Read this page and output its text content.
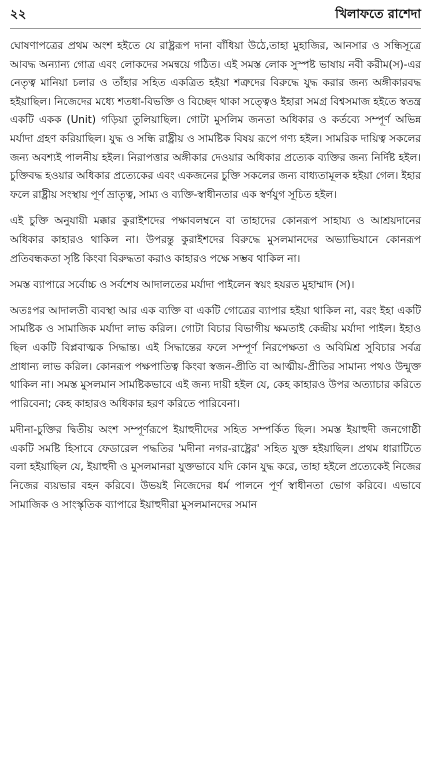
২২	খিলাফতে রাশেদা

ঘোষণাপত্রের প্রথম অংশ হইতে যে রাষ্ট্ররূপ দানা বাঁধিয়া উঠে,তাহা মুহাজির, আনসার ও সন্ধিসূত্রে আবদ্ধ অন্যান্য গোত্র এবং লোকদের সমন্বয়ে গঠিত। এই সমস্ত লোক সুস্পষ্ট ভাষায় নবী করীম(স)-এর নেতৃত্ব মানিয়া চলার ও তাঁহার সহিত একত্রিত হইয়া শত্রুদের বিরুদ্ধে যুদ্ধ করার জন্য অঙ্গীকারবদ্ধ হইয়াছিল। নিজেদের মধ্যে শতধা-বিভক্তি ও বিচ্ছেদ থাকা সত্ত্বেও ইহারা সমগ্র বিশ্বসমাজ হইতে স্বতন্ত্র একটি একক (Unit) গড়িয়া তুলিয়াছিল। গোটা মুসলিম জনতা অধিকার ও কর্তব্যে সম্পূর্ণ অভিন্ন মর্যাদা গ্রহণ করিয়াছিল। যুদ্ধ ও সন্ধি রাষ্ট্রীয় ও সামষ্টিক বিষয় রূপে গণ্য হইল। সামরিক দায়িত্ব সকলের জন্য অবশ্যই পালনীয় হইল। নিরাপত্তার অঙ্গীকার দেওয়ার অধিকার প্রত্যেক ব্যক্তির জন্য নির্দিষ্ট হইল। চুক্তিবদ্ধ হওয়ার অধিকার প্রত্যেকের এবং একজনের চুক্তি সকলের জন্য বাধ্যতামূলক হইয়া গেল। ইহার ফলে রাষ্ট্রীয় সংস্থায় পূর্ণ ভ্রাতৃত্ব, সাম্য ও ব্যক্তি-স্বাধীনতার এক স্বর্ণযুগ সূচিত হইল।

এই চুক্তি অনুযায়ী মক্কার কুরাইশদের পক্ষাবলম্বনে বা তাহাদের কোনরূপ সাহায্য ও আশ্রয়দানের অধিকার কাহারও থাকিল না। উপরন্তু কুরাইশদের বিরুদ্ধে মুসলমানদের অভ্যাভিযানে কোনরূপ প্রতিবন্ধকতা সৃষ্টি কিংবা বিরুদ্ধতা করাও কাহারও পক্ষে সম্ভব থাকিল না।

সমস্ত ব্যাপারে সর্বোচ্চ ও সর্বশেষ আদালতের মর্যাদা পাইলেন স্বয়ং হযরত মুহাম্মাদ (স)।

অতঃপর আদালতী ব্যবস্থা আর এক ব্যক্তি বা একটি গোত্রের ব্যাপার হইয়া থাকিল না, বরং ইহা একটি সামষ্টিক ও সামাজিক মর্যাদা লাভ করিল। গোটা বিচার বিভাগীয় ক্ষমতাই কেন্দ্রীয় মর্যাদা পাইল। ইহাও ছিল একটি বিপ্লবাত্মক সিদ্ধান্ত। এই সিদ্ধান্তের ফলে সম্পূর্ণ নিরপেক্ষতা ও অবিমিশ্র সুবিচার সর্বত্র প্রাধান্য লাভ করিল। কোনরূপ পক্ষপাতিত্ব কিংবা স্বজন-প্রীতি বা আত্মীয়-প্রীতির সামান্য পথও উন্মুক্ত থাকিল না। সমস্ত মুসলমান সামষ্টিকভাবে এই জন্য দায়ী হইল যে, কেহ কাহারও উপর অত্যাচার করিতে পারিবেনা; কেহ কাহারও অধিকার হরণ করিতে পারিবেনা।

মদীনা-চুক্তির দ্বিতীয় অংশ সম্পূর্ণরূপে ইয়াহুদীদের সহিত সম্পর্কিত ছিল। সমস্ত ইয়াহুদী জনগোষ্ঠী একটি সমষ্টি হিসাবে ফেডারেল পদ্ধতির 'মদীনা নগর-রাষ্ট্রের' সহিত যুক্ত হইয়াছিল। প্রথম ধারাটিতে বলা হইয়াছিল যে, ইয়াহুদী ও মুসলমানরা যুক্তভাবে যদি কোন যুদ্ধ করে, তাহা হইলে প্রত্যেকেই নিজের নিজের ব্যয়ভার বহন করিবে। উভয়ই নিজেদের ধর্ম পালনে পূর্ণ স্বাধীনতা ভোগ করিবে। এভাবে সামাজিক ও সাংস্কৃতিক ব্যাপারে ইয়াহুদীরা মুসলমানদের সমান
